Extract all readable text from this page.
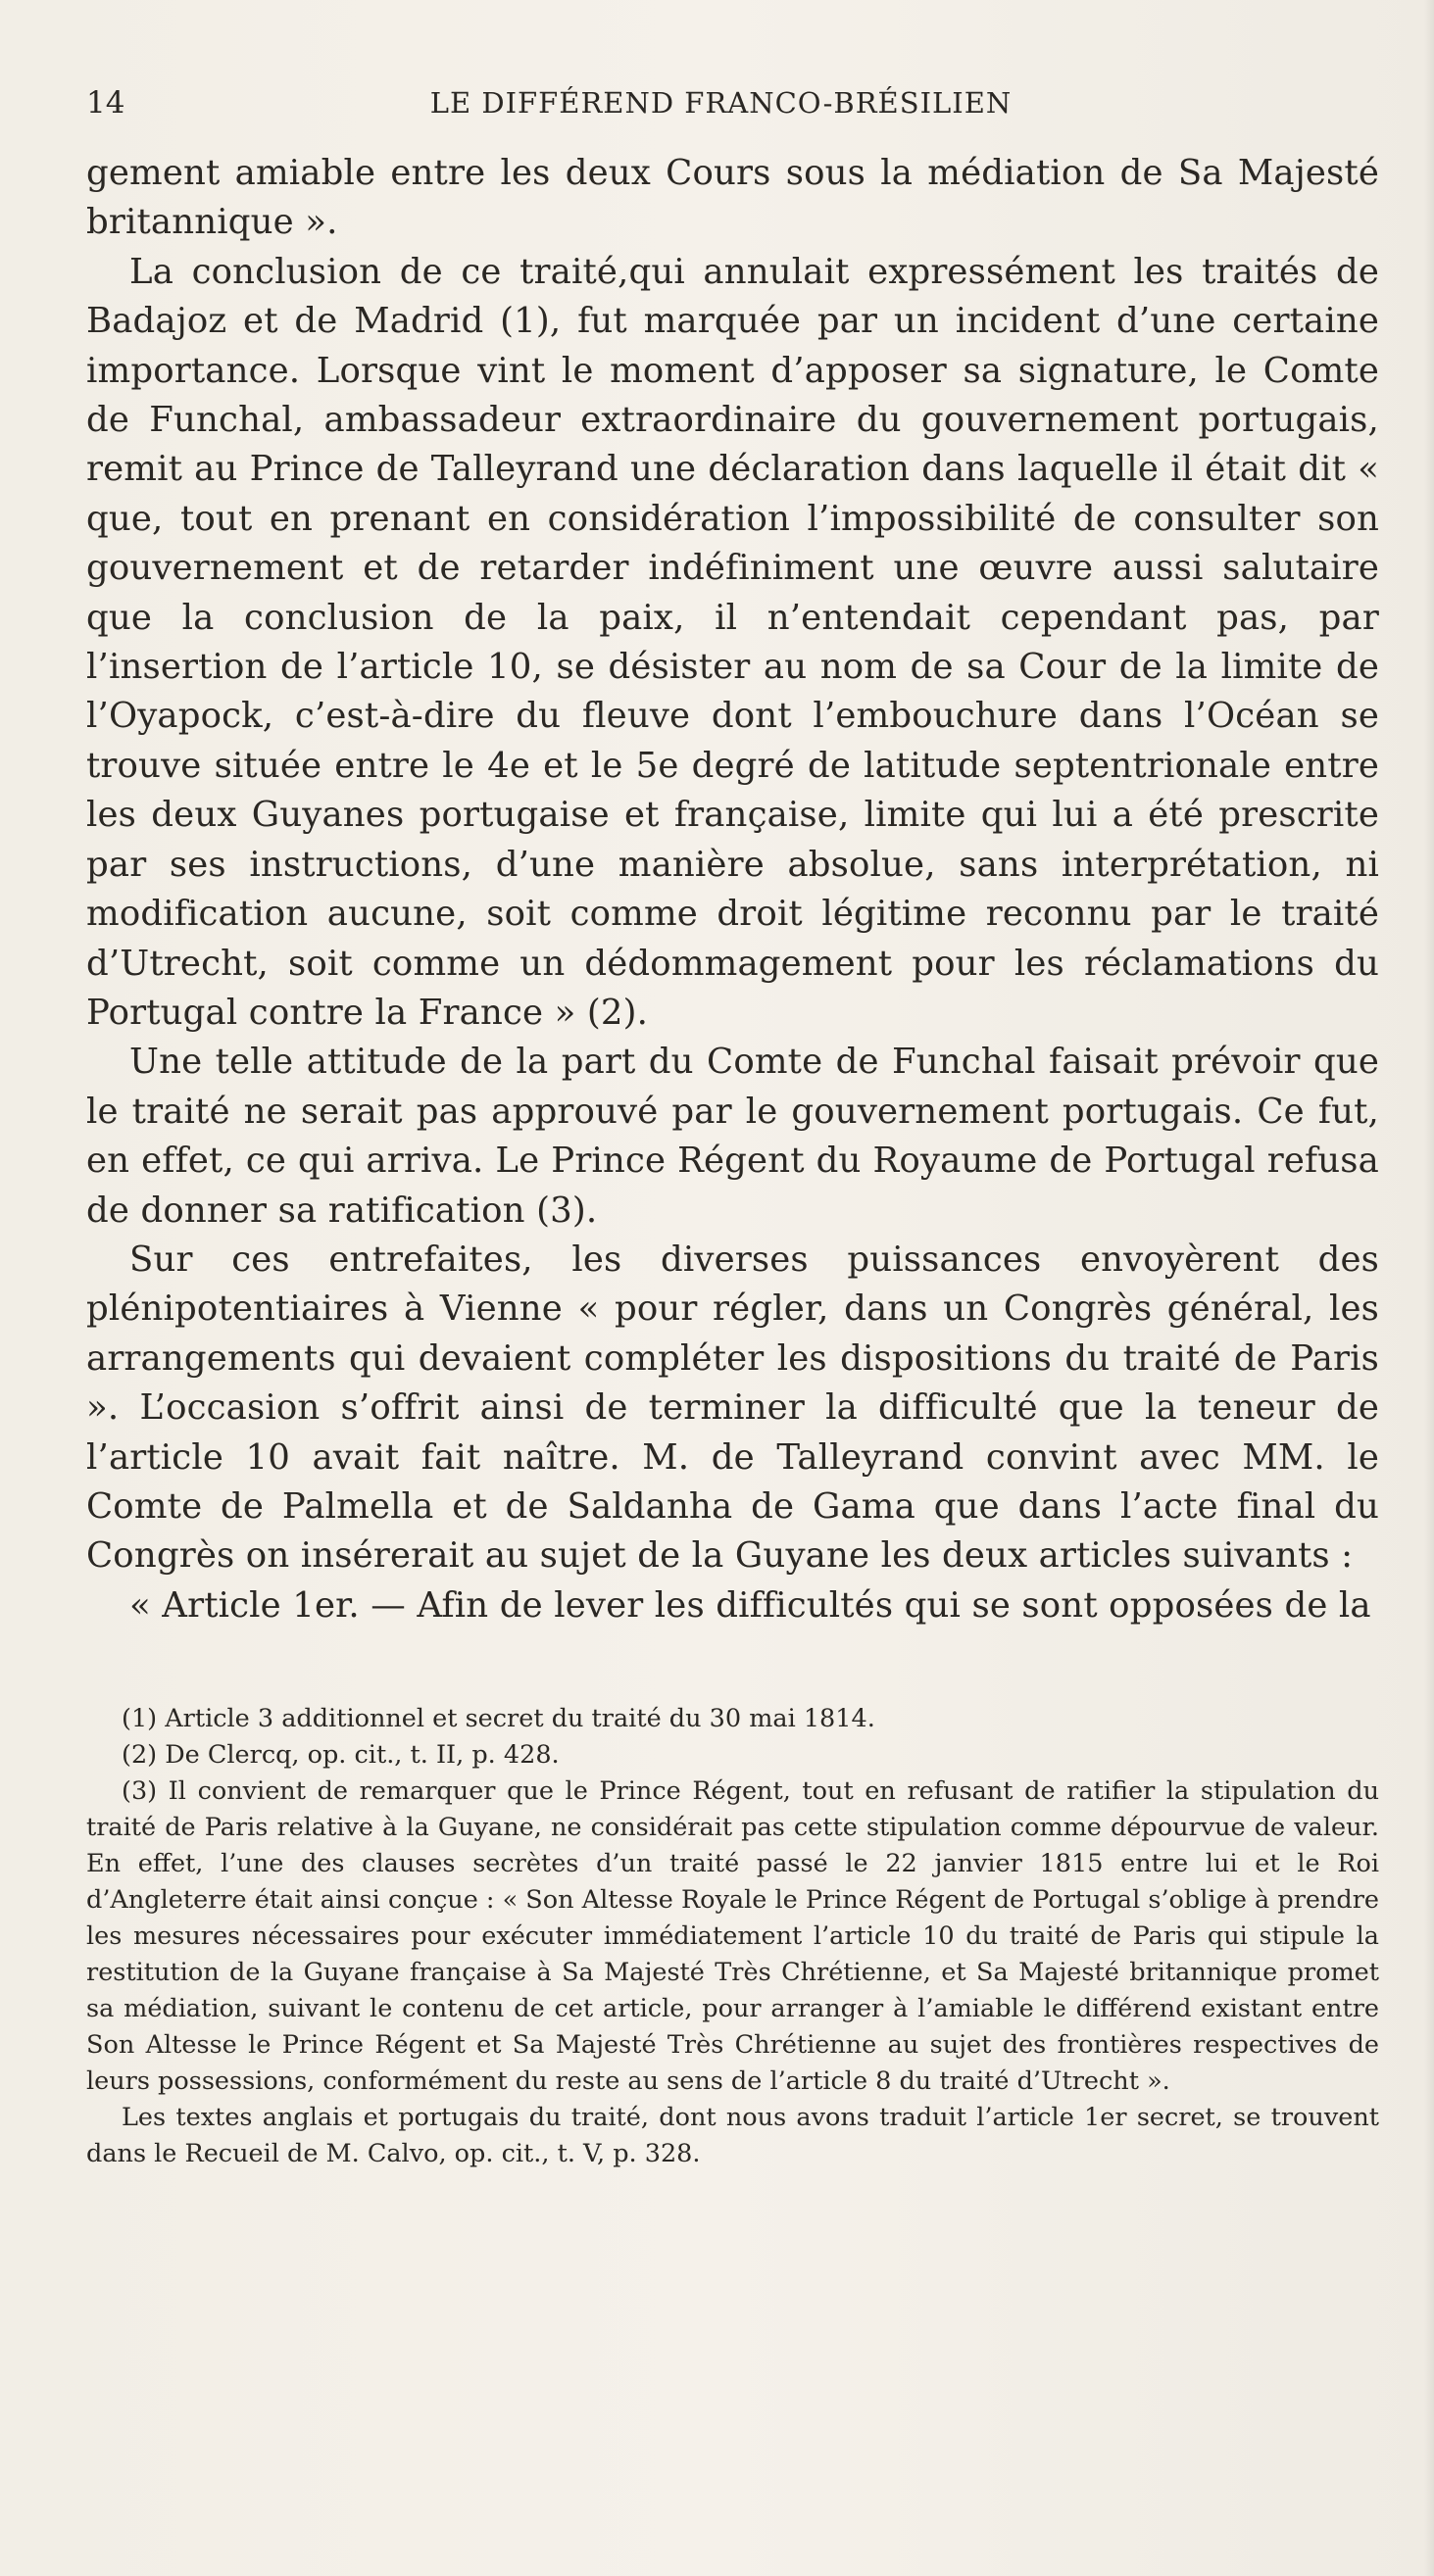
14	LE DIFFÉREND FRANCO-BRÉSILIEN

gement amiable entre les deux Cours sous la médiation de Sa Majesté britannique ».

La conclusion de ce traité,qui annulait expressément les traités de Badajoz et de Madrid (1), fut marquée par un incident d’une certaine importance. Lorsque vint le moment d’apposer sa signature, le Comte de Funchal, ambassadeur extraordinaire du gouvernement portugais, remit au Prince de Talleyrand une déclaration dans laquelle il était dit « que, tout en prenant en considération l’impossibilité de consulter son gouvernement et de retarder indéfiniment une œuvre aussi salutaire que la conclusion de la paix, il n’entendait cependant pas, par l’insertion de l’article 10, se désister au nom de sa Cour de la limite de l’Oyapock, c’est-à-dire du fleuve dont l’embouchure dans l’Océan se trouve située entre le 4e et le 5e degré de latitude septentrionale entre les deux Guyanes portugaise et française, limite qui lui a été prescrite par ses instructions, d’une manière absolue, sans interprétation, ni modification aucune, soit comme droit légitime reconnu par le traité d’Utrecht, soit comme un dédommagement pour les réclamations du Portugal contre la France » (2).

Une telle attitude de la part du Comte de Funchal faisait prévoir que le traité ne serait pas approuvé par le gouvernement portugais. Ce fut, en effet, ce qui arriva. Le Prince Régent du Royaume de Portugal refusa de donner sa ratification (3).

Sur ces entrefaites, les diverses puissances envoyèrent des plénipotentiaires à Vienne « pour régler, dans un Congrès général, les arrangements qui devaient compléter les dispositions du traité de Paris ». L’occasion s’offrit ainsi de terminer la difficulté que la teneur de l’article 10 avait fait naître. M. de Talleyrand convint avec MM. le Comte de Palmella et de Saldanha de Gama que dans l’acte final du Congrès on insérerait au sujet de la Guyane les deux articles suivants :

« Article 1er. — Afin de lever les difficultés qui se sont opposées de la

(1) Article 3 additionnel et secret du traité du 30 mai 1814.

(2) De Clercq, op. cit., t. II, p. 428.

(3) Il convient de remarquer que le Prince Régent, tout en refusant de ratifier la stipulation du traité de Paris relative à la Guyane, ne considérait pas cette stipulation comme dépourvue de valeur. En effet, l’une des clauses secrètes d’un traité passé le 22 janvier 1815 entre lui et le Roi d’Angleterre était ainsi conçue : « Son Altesse Royale le Prince Régent de Portugal s’oblige à prendre les mesures nécessaires pour exécuter immédiatement l’article 10 du traité de Paris qui stipule la restitution de la Guyane française à Sa Majesté Très Chrétienne, et Sa Majesté britannique promet sa médiation, suivant le contenu de cet article, pour arranger à l’amiable le différend existant entre Son Altesse le Prince Régent et Sa Majesté Très Chrétienne au sujet des frontières respectives de leurs possessions, conformément du reste au sens de l’article 8 du traité d’Utrecht ».

Les textes anglais et portugais du traité, dont nous avons traduit l’article 1er secret, se trouvent dans le Recueil de M. Calvo, op. cit., t. V, p. 328.
